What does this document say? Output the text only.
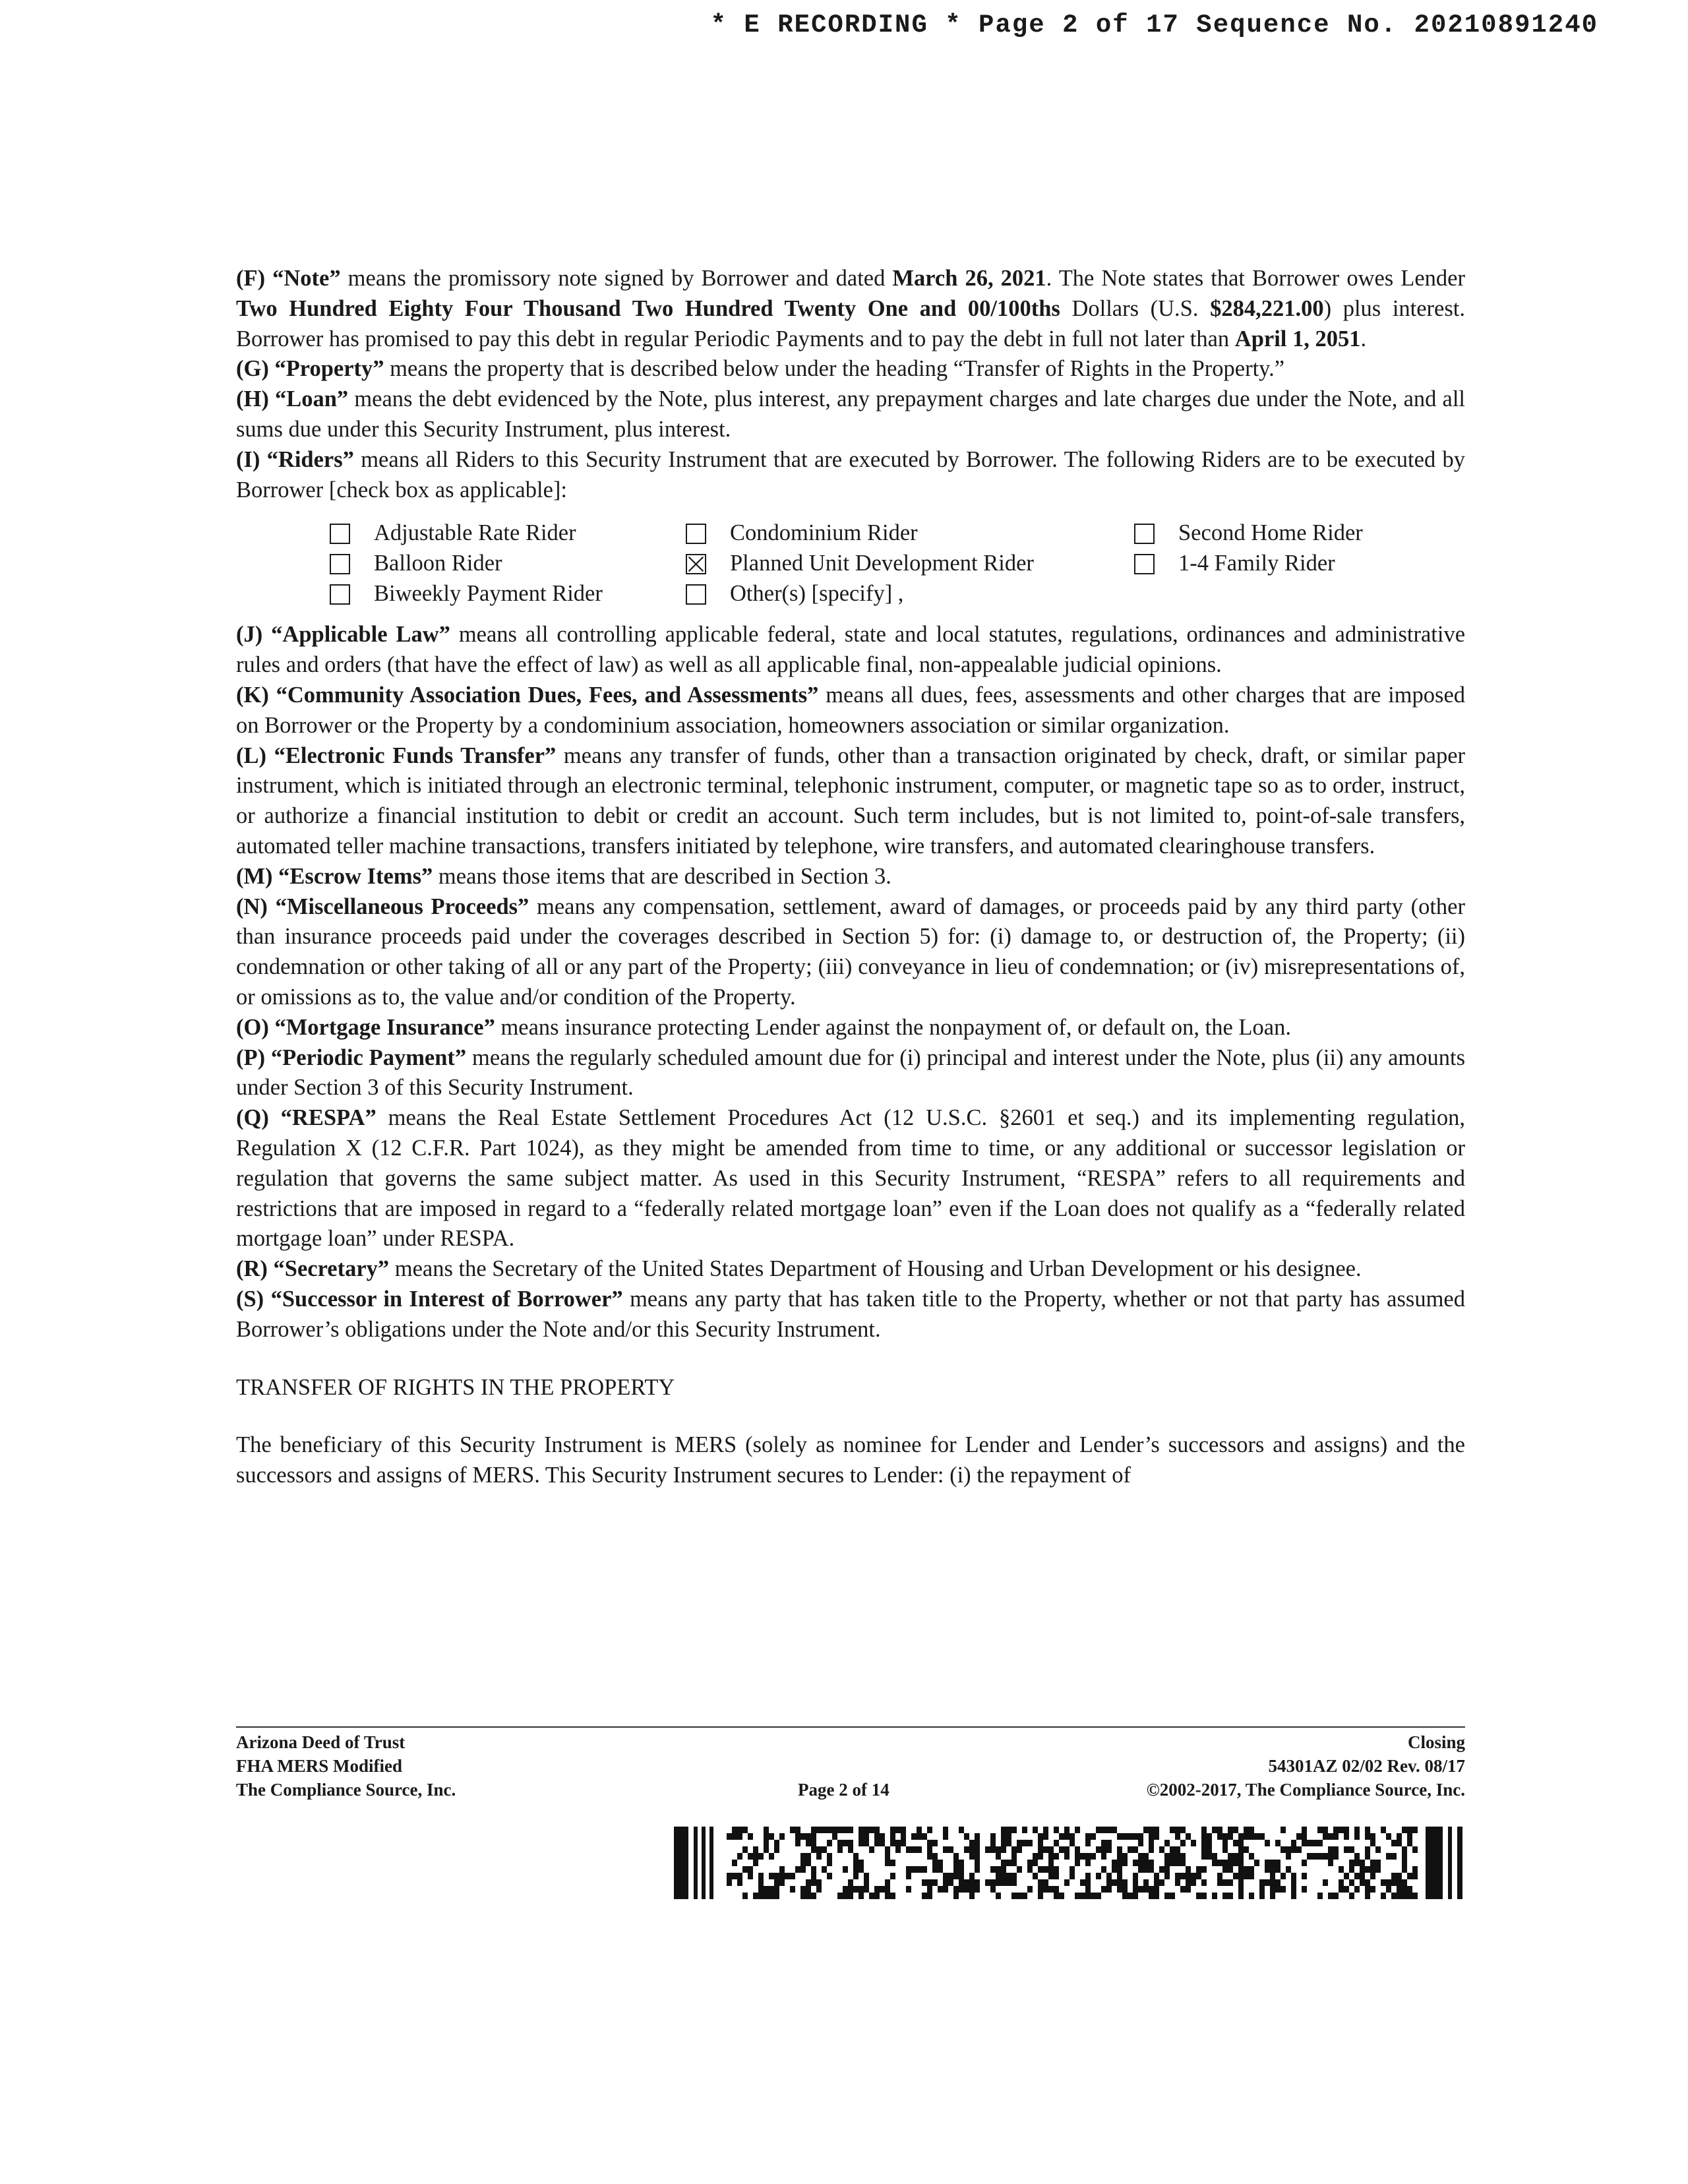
* E RECORDING * Page 2 of 17 Sequence No. 20210891240

(F) “Note” means the promissory note signed by Borrower and dated March 26, 2021. The Note states that Borrower owes Lender Two Hundred Eighty Four Thousand Two Hundred Twenty One and 00/100ths Dollars (U.S. $284,221.00) plus interest. Borrower has promised to pay this debt in regular Periodic Payments and to pay the debt in full not later than April 1, 2051.

(G) “Property” means the property that is described below under the heading “Transfer of Rights in the Property.”

(H) “Loan” means the debt evidenced by the Note, plus interest, any prepayment charges and late charges due under the Note, and all sums due under this Security Instrument, plus interest.

(I) “Riders” means all Riders to this Security Instrument that are executed by Borrower. The following Riders are to be executed by Borrower [check box as applicable]:

Adjustable Rate Rider	Condominium Rider	Second Home Rider
Balloon Rider	Planned Unit Development Rider	1-4 Family Rider
Biweekly Payment Rider	Other(s) [specify] ,

(J) “Applicable Law” means all controlling applicable federal, state and local statutes, regulations, ordinances and administrative rules and orders (that have the effect of law) as well as all applicable final, non-appealable judicial opinions.

(K) “Community Association Dues, Fees, and Assessments” means all dues, fees, assessments and other charges that are imposed on Borrower or the Property by a condominium association, homeowners association or similar organization.

(L) “Electronic Funds Transfer” means any transfer of funds, other than a transaction originated by check, draft, or similar paper instrument, which is initiated through an electronic terminal, telephonic instrument, computer, or magnetic tape so as to order, instruct, or authorize a financial institution to debit or credit an account. Such term includes, but is not limited to, point-of-sale transfers, automated teller machine transactions, transfers initiated by telephone, wire transfers, and automated clearinghouse transfers.

(M) “Escrow Items” means those items that are described in Section 3.

(N) “Miscellaneous Proceeds” means any compensation, settlement, award of damages, or proceeds paid by any third party (other than insurance proceeds paid under the coverages described in Section 5) for: (i) damage to, or destruction of, the Property; (ii) condemnation or other taking of all or any part of the Property; (iii) conveyance in lieu of condemnation; or (iv) misrepresentations of, or omissions as to, the value and/or condition of the Property.

(O) “Mortgage Insurance” means insurance protecting Lender against the nonpayment of, or default on, the Loan.

(P) “Periodic Payment” means the regularly scheduled amount due for (i) principal and interest under the Note, plus (ii) any amounts under Section 3 of this Security Instrument.

(Q) “RESPA” means the Real Estate Settlement Procedures Act (12 U.S.C. §2601 et seq.) and its implementing regulation, Regulation X (12 C.F.R. Part 1024), as they might be amended from time to time, or any additional or successor legislation or regulation that governs the same subject matter. As used in this Security Instrument, “RESPA” refers to all requirements and restrictions that are imposed in regard to a “federally related mortgage loan” even if the Loan does not qualify as a “federally related mortgage loan” under RESPA.

(R) “Secretary” means the Secretary of the United States Department of Housing and Urban Development or his designee.

(S) “Successor in Interest of Borrower” means any party that has taken title to the Property, whether or not that party has assumed Borrower’s obligations under the Note and/or this Security Instrument.

TRANSFER OF RIGHTS IN THE PROPERTY

The beneficiary of this Security Instrument is MERS (solely as nominee for Lender and Lender’s successors and assigns) and the successors and assigns of MERS. This Security Instrument secures to Lender: (i) the repayment of

Arizona Deed of Trust
FHA MERS Modified
The Compliance Source, Inc.	Page 2 of 14
Closing
54301AZ 02/02 Rev. 08/17
©2002-2017, The Compliance Source, Inc.
